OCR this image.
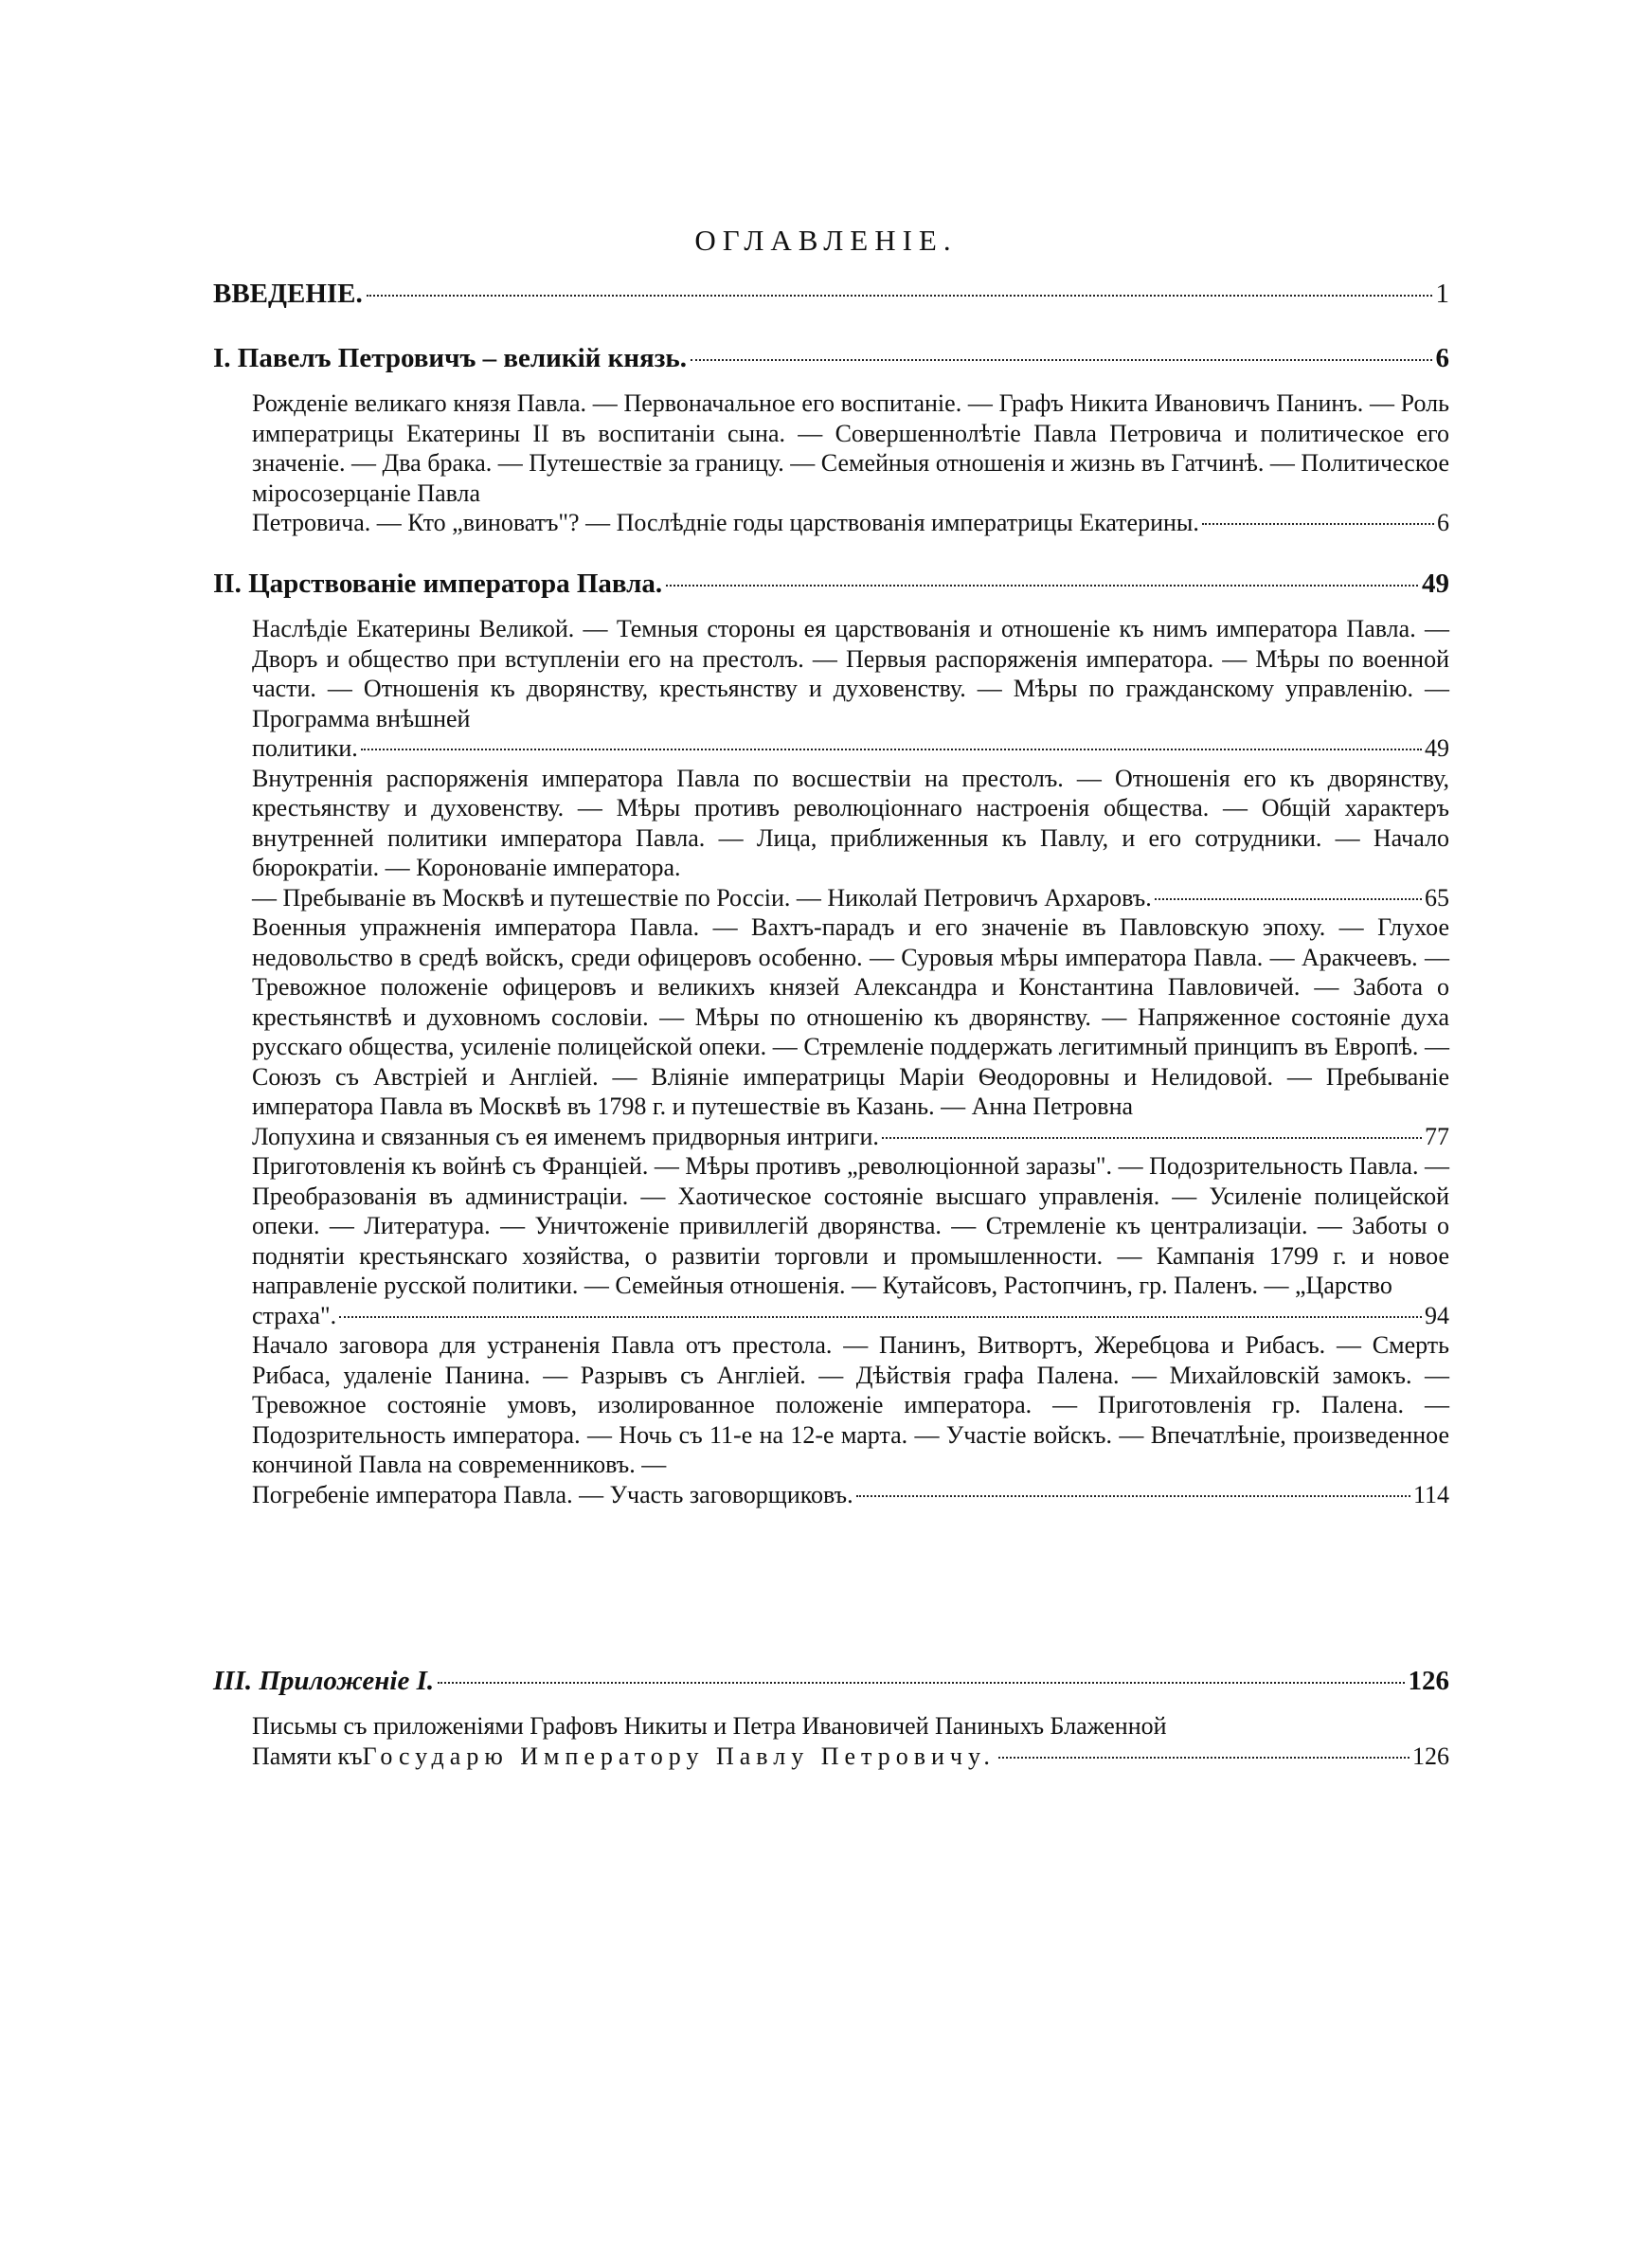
ОГЛАВЛЕНІЕ.
ВВЕДЕНІЕ.	1
I. Павелъ Петровичъ – великій князь.	6

Рожденіе великаго князя Павла. — Первоначальное его воспитаніе. — Графъ Никита Ивановичъ Панинъ. — Роль императрицы Екатерины II въ воспитаніи сына. — Совершеннолѣтіе Павла Петровича и политическое его значеніе. — Два брака. — Путешествіе за границу. — Семейныя отношенія и жизнь въ Гатчинѣ. — Политическое міросозерцаніе Павла

Петровича. — Кто „виноватъ"? — Послѣдніе годы царствованія императрицы Екатерины.	6
II. Царствованіе императора Павла.	49

Наслѣдіе Екатерины Великой. — Темныя стороны ея царствованія и отношеніе къ нимъ императора Павла. — Дворъ и общество при вступленіи его на престолъ. — Первыя распоряженія императора. — Мѣры по военной части. — Отношенія къ дворянству, крестьянству и духовенству. — Мѣры по гражданскому управленію. — Программа внѣшней

политики.	49

Внутреннія распоряженія императора Павла по восшествіи на престолъ. — Отношенія его къ дворянству, крестьянству и духовенству. — Мѣры противъ революціоннаго настроенія общества. — Общій характеръ внутренней политики императора Павла. — Лица, приближенныя къ Павлу, и его сотрудники. — Начало бюрократіи. — Коронованіе императора.

— Пребываніе въ Москвѣ и путешествіе по Россіи. — Николай Петровичъ Архаровъ.	65

Военныя упражненія императора Павла. — Вахтъ-парадъ и его значеніе въ Павловскую эпоху. — Глухое недовольство в средѣ войскъ, среди офицеровъ особенно. — Суровыя мѣры императора Павла. — Аракчеевъ. — Тревожное положеніе офицеровъ и великихъ князей Александра и Константина Павловичей. — Забота о крестьянствѣ и духовномъ сословіи. — Мѣры по отношенію къ дворянству. — Напряженное состояніе духа русскаго общества, усиленіе полицейской опеки. — Стремленіе поддержать легитимный принципъ въ Европѣ. — Союзъ съ Австріей и Англіей. — Вліяніе императрицы Маріи Ѳеодоровны и Нелидовой. — Пребываніе императора Павла въ Москвѣ въ 1798 г. и путешествіе въ Казань. — Анна Петровна

Лопухина и связанныя съ ея именемъ придворныя интриги.	77

Приготовленія къ войнѣ съ Франціей. — Мѣры противъ „революціонной заразы". — Подозрительность Павла. — Преобразованія въ администраціи. — Хаотическое состояніе высшаго управленія. — Усиленіе полицейской опеки. — Литература. — Уничтоженіе привиллегій дворянства. — Стремленіе къ централизаціи. — Заботы о поднятіи крестьянскаго хозяйства, о развитіи торговли и промышленности. — Кампанія 1799 г. и новое направленіе русской политики. — Семейныя отношенія. — Кутайсовъ, Растопчинъ, гр. Паленъ. — „Царство

страха".	94

Начало заговора для устраненія Павла отъ престола. — Панинъ, Витвортъ, Жеребцова и Рибасъ. — Смерть Рибаса, удаленіе Панина. — Разрывъ съ Англіей. — Дѣйствія графа Палена. — Михайловскій замокъ. — Тревожное состояніе умовъ, изолированное положеніе императора. — Приготовленія гр. Палена. — Подозрительность императора. — Ночь съ 11-е на 12-е марта. — Участіе войскъ. — Впечатлѣніе, произведенное кончиной Павла на современниковъ. —

Погребеніе императора Павла. — Участь заговорщиковъ.	114
III. Приложеніе I.	126

Письмы съ приложеніями Графовъ Никиты и Петра Ивановичей Паниныхъ Блаженной

Памяти къ Государю Императору Павлу Петровичу.	126
